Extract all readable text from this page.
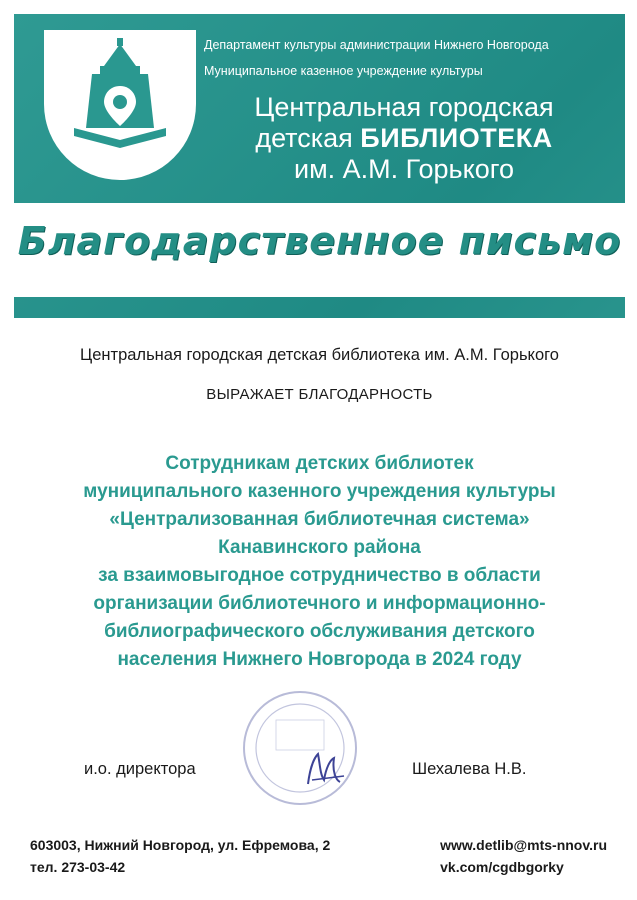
Департамент культуры администрации Нижнего Новгорода
Муниципальное казенное учреждение культуры
Центральная городская
детская БИБЛИОТЕКА
им. А.М. Горького
Благодарственное письмо
Центральная городская детская библиотека им. А.М. Горького
ВЫРАЖАЕТ БЛАГОДАРНОСТЬ
Сотрудникам детских библиотек
муниципального казенного учреждения культуры
«Централизованная библиотечная система»
Канавинского района
за взаимовыгодное сотрудничество в области
организации библиотечного и информационно-
библиографического обслуживания детского
населения Нижнего Новгорода в 2024 году
и.о. директора	Шехалева Н.В.
603003, Нижний Новгород, ул. Ефремова, 2
тел. 273-03-42
www.detlib@mts-nnov.ru
vk.com/cgdbgorky
